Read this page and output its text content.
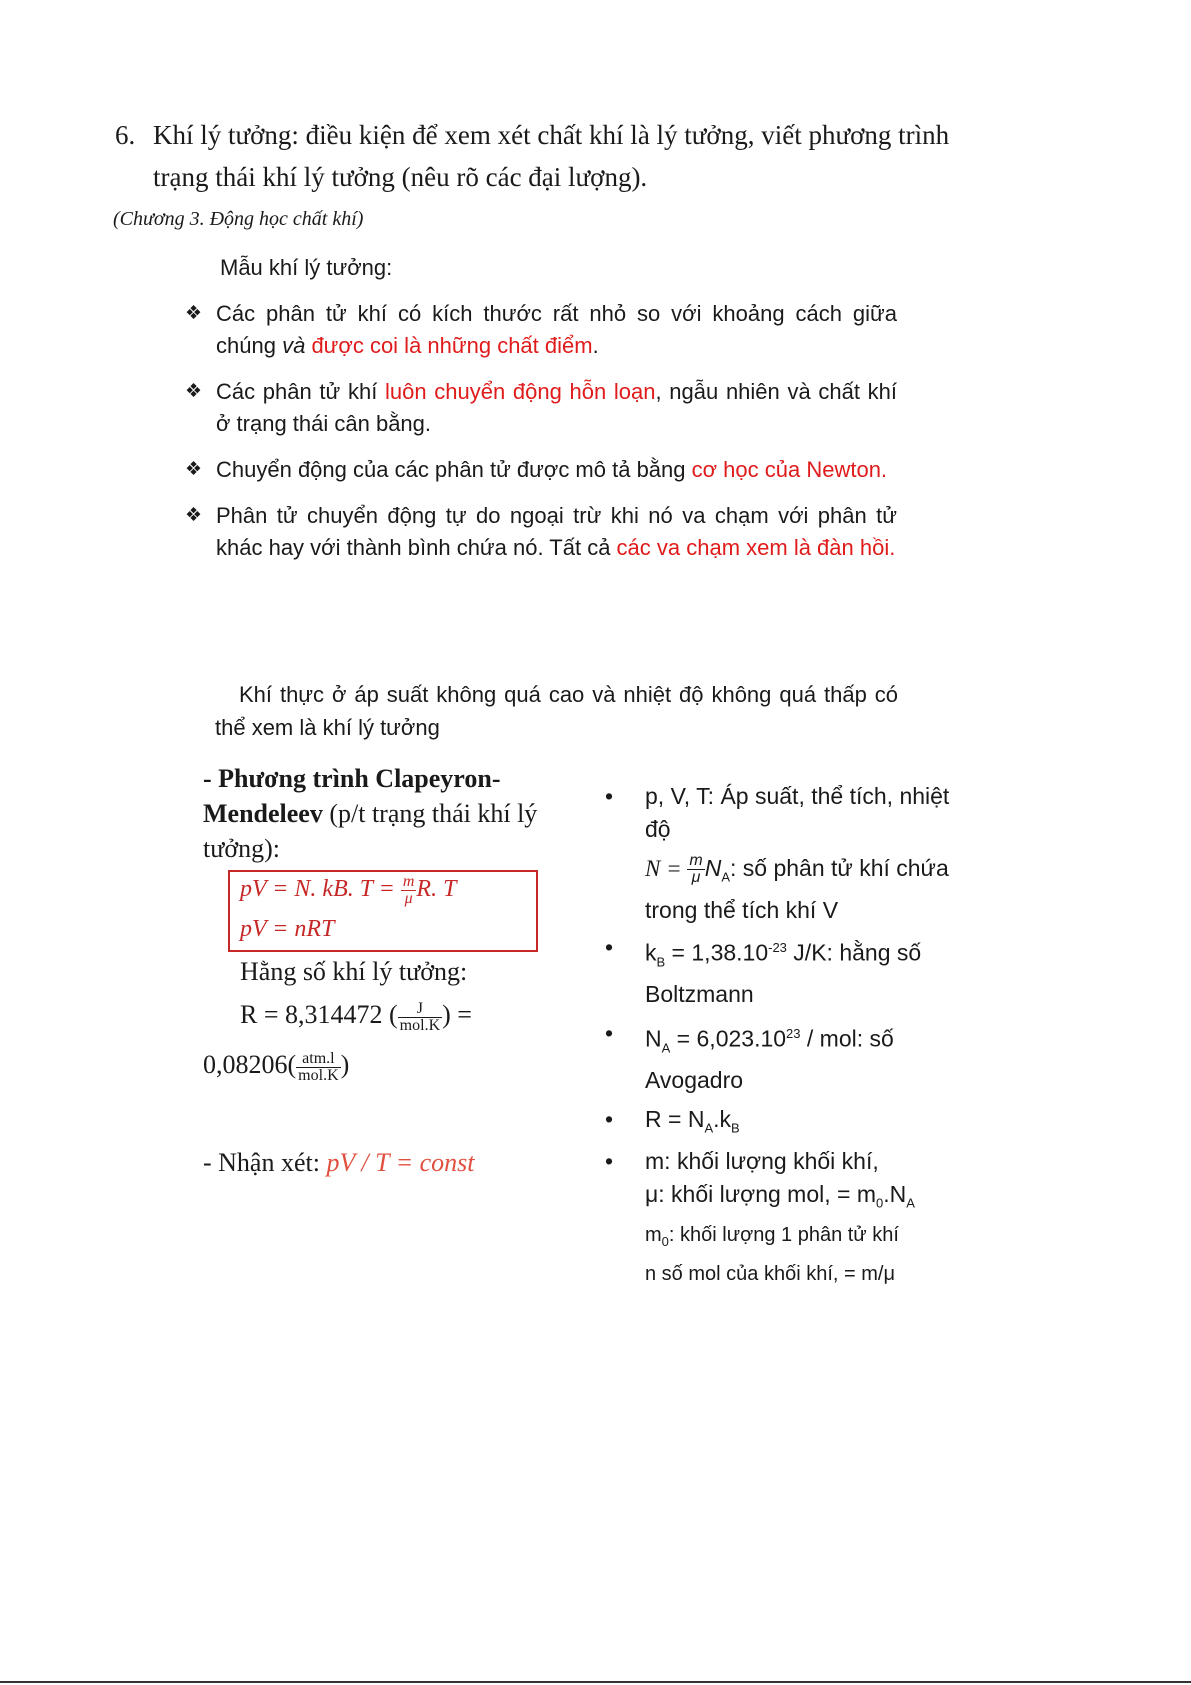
6. Khí lý tưởng: điều kiện để xem xét chất khí là lý tưởng, viết phương trình
trạng thái khí lý tưởng (nêu rõ các đại lượng).
(Chương 3. Động học chất khí)
Mẫu khí lý tưởng:
❖ Các phân tử khí có kích thước rất nhỏ so với khoảng cách giữa chúng và được coi là những chất điểm.
❖ Các phân tử khí luôn chuyển động hỗn loạn, ngẫu nhiên và chất khí ở trạng thái cân bằng.
❖ Chuyển động của các phân tử được mô tả bằng cơ học của Newton.
❖ Phân tử chuyển động tự do ngoại trừ khi nó va chạm với phân tử khác hay với thành bình chứa nó. Tất cả các va chạm xem là đàn hồi.
Khí thực ở áp suất không quá cao và nhiệt độ không quá thấp có thể xem là khí lý tưởng
- Phương trình Clapeyron-Mendeleev (p/t trạng thái khí lý tưởng):
pV = N. kB. $T = \frac{m}{\mu} R$. T
pV = nRT
Hằng số khí lý tưởng:
R = 8,314472 ( $\frac{J}{\text{mol.K}}$ ) =
$0,08206( \frac{\text{atm.l}}{\text{mol.K}}$ )
- Nhận xét: pV / T = const
• p, V, T: Áp suất, thể tích, nhiệt độ
$N = \frac{m}{\mu} N_A$: số phân tử khí chứa trong thể tích khí V
• $k_B = 1,38.10^{-23}$ J/K: hằng số Boltzmann
• $N_A = 6,023.10^{23}$ / mol: số Avogadro
• $R = N_A.k_B$
• m: khối lượng khối khí,
μ: khối lượng mol, = $m_0.N_A$
$m_0$: khối lượng 1 phân tử khí
n số mol của khối khí, = m/μ
